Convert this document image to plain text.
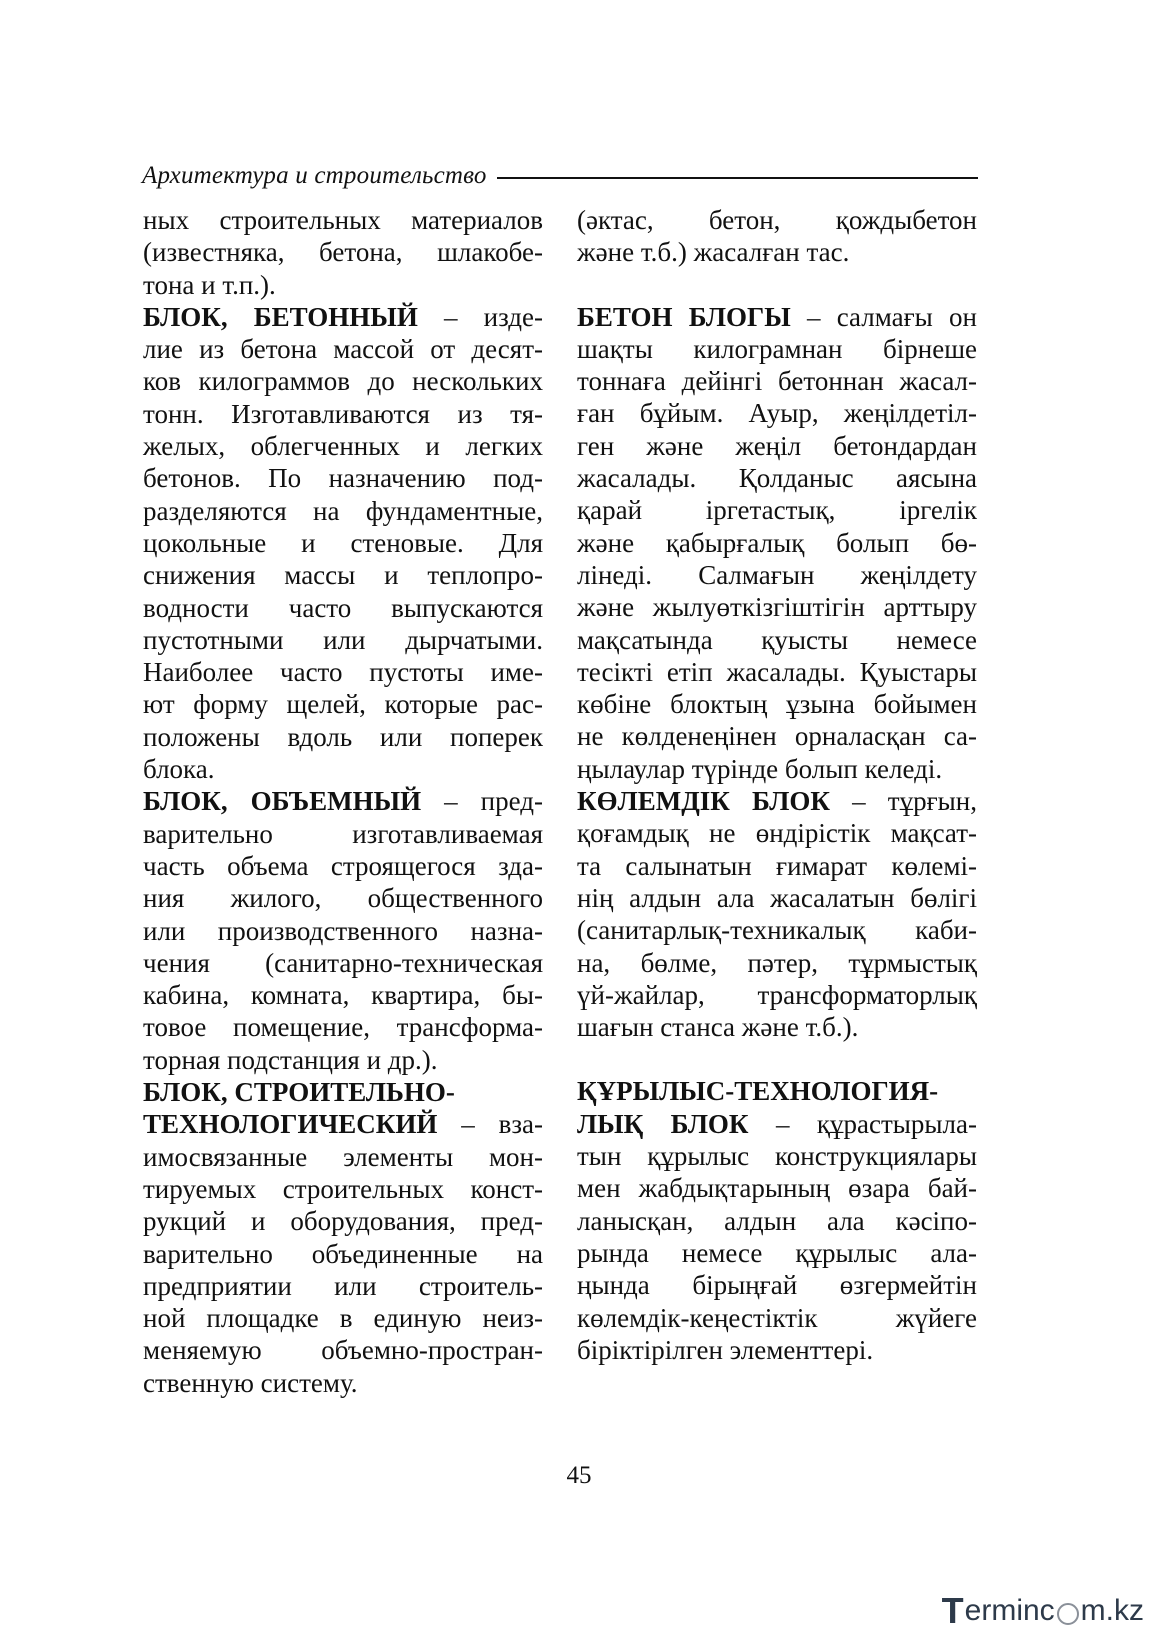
Архитектура и строительство
ных строительных материалов
(известняка, бетона, шлакобе-
тона и т.п.).
БЛОК, БЕТОННЫЙ – изде-
лие из бетона массой от десят-
ков килограммов до нескольких
тонн. Изготавливаются из тя-
желых, облегченных и легких
бетонов. По назначению под-
разделяются на фундаментные,
цокольные и стеновые. Для
снижения массы и теплопро-
водности часто выпускаются
пустотными или дырчатыми.
Наиболее часто пустоты име-
ют форму щелей, которые рас-
положены вдоль или поперек
блока.
БЛОК, ОБЪЕМНЫЙ – пред-
варительно изготавливаемая
часть объема строящегося зда-
ния жилого, общественного
или производственного назна-
чения (санитарно-техническая
кабина, комната, квартира, бы-
товое помещение, трансформа-
торная подстанция и др.).
БЛОК, СТРОИТЕЛЬНО-
ТЕХНОЛОГИЧЕСКИЙ – вза-
имосвязанные элементы мон-
тируемых строительных конст-
рукций и оборудования, пред-
варительно объединенные на
предприятии или строитель-
ной площадке в единую неиз-
меняемую объемно-простран-
ственную систему.
(әктас, бетон, қождыбетон
және т.б.) жасалған тас.
БЕТОН БЛОГЫ – салмағы он
шақты килограмнан бірнеше
тоннаға дейінгі бетоннан жасал-
ған бұйым. Ауыр, жеңілдетіл-
ген және жеңіл бетондардан
жасалады. Қолданыс аясына
қарай іргетастық, іргелік
және қабырғалық болып бө-
лінеді. Салмағын жеңілдету
және жылуөткізгіштігін арттыру
мақсатында қуысты немесе
тесікті етіп жасалады. Қуыстары
көбіне блоктың ұзына бойымен
не көлденеңінен орналасқан са-
ңылаулар түрінде болып келеді.
КӨЛЕМДІК БЛОК – тұрғын,
қоғамдық не өндірістік мақсат-
та салынатын ғимарат көлемі-
нің алдын ала жасалатын бөлігі
(санитарлық-техникалық каби-
на, бөлме, пәтер, тұрмыстық
үй-жайлар, трансформаторлық
шағын станса және т.б.).
ҚҰРЫЛЫС-ТЕХНОЛОГИЯ-
ЛЫҚ БЛОК – құрастырыла-
тын құрылыс конструкциялары
мен жабдықтарының өзара бай-
ланысқан, алдын ала кәсіпо-
рында немесе құрылыс ала-
ңында бірыңғай өзгермейтін
көлемдік-кеңестіктік жүйеге
біріктірілген элементтері.
45
T erminc m.kz
